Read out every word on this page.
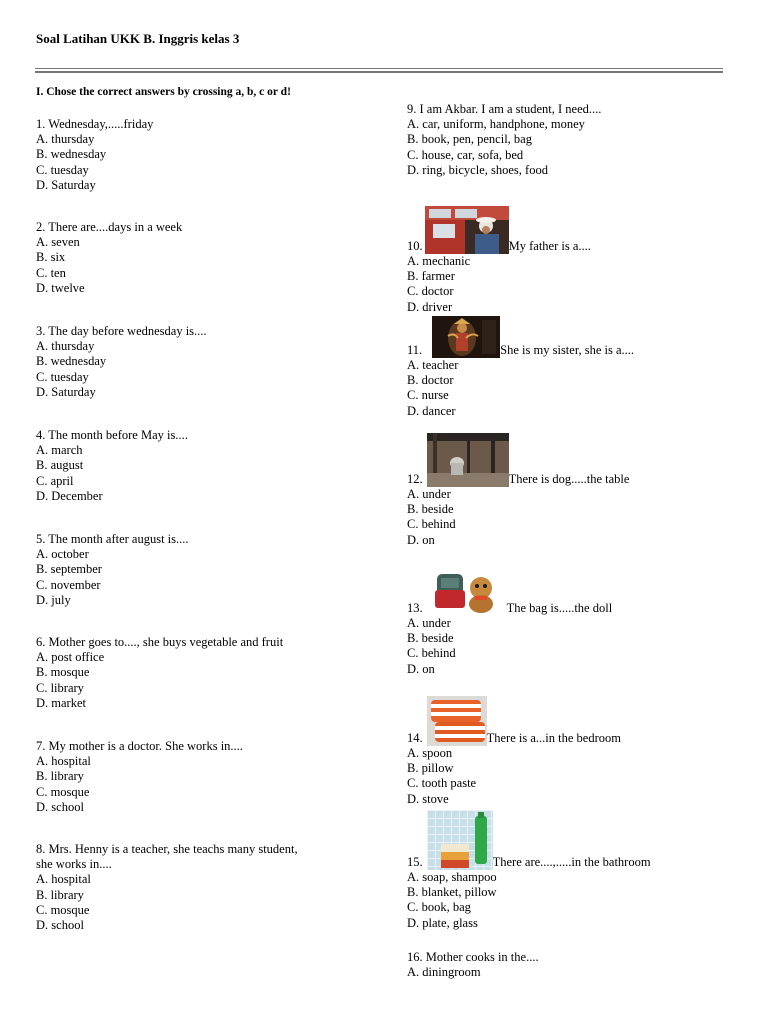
Soal Latihan UKK B. Inggris kelas 3
I. Chose the correct answers by crossing a, b, c or d!
1. Wednesday,.....friday
A. thursday
B. wednesday
C. tuesday
D. Saturday
2. There are....days in a week
A. seven
B. six
C. ten
D. twelve
3. The day before wednesday is....
A. thursday
B. wednesday
C. tuesday
D. Saturday
4. The month before May is....
A. march
B. august
C. april
D. December
5. The month after august is....
A. october
B. september
C. november
D. july
6. Mother goes to...., she buys vegetable and fruit
A. post office
B. mosque
C. library
D. market
7. My mother is a doctor. She works in....
A. hospital
B. library
C. mosque
D. school
8. Mrs. Henny is a teacher, she teachs many student,
she works in....
A. hospital
B. library
C. mosque
D. school
9. I am Akbar. I am a student, I need....
A. car, uniform, handphone, money
B. book, pen, pencil, bag
C. house, car, sofa, bed
D. ring, bicycle, shoes, food
10.	My father is a....
A. mechanic
B. farmer
C. doctor
D. driver
11.	She is my sister, she is a....
A. teacher
B. doctor
C. nurse
D. dancer
12.	There is dog.....the table
A. under
B. beside
C. behind
D. on
13.	The bag is.....the doll
A. under
B. beside
C. behind
D. on
14.	There is a...in the bedroom
A. spoon
B. pillow
C. tooth paste
D. stove
15.	There are....,.....in the bathroom
A. soap, shampoo
B. blanket, pillow
C. book, bag
D. plate, glass
16. Mother cooks in the....
A. diningroom
